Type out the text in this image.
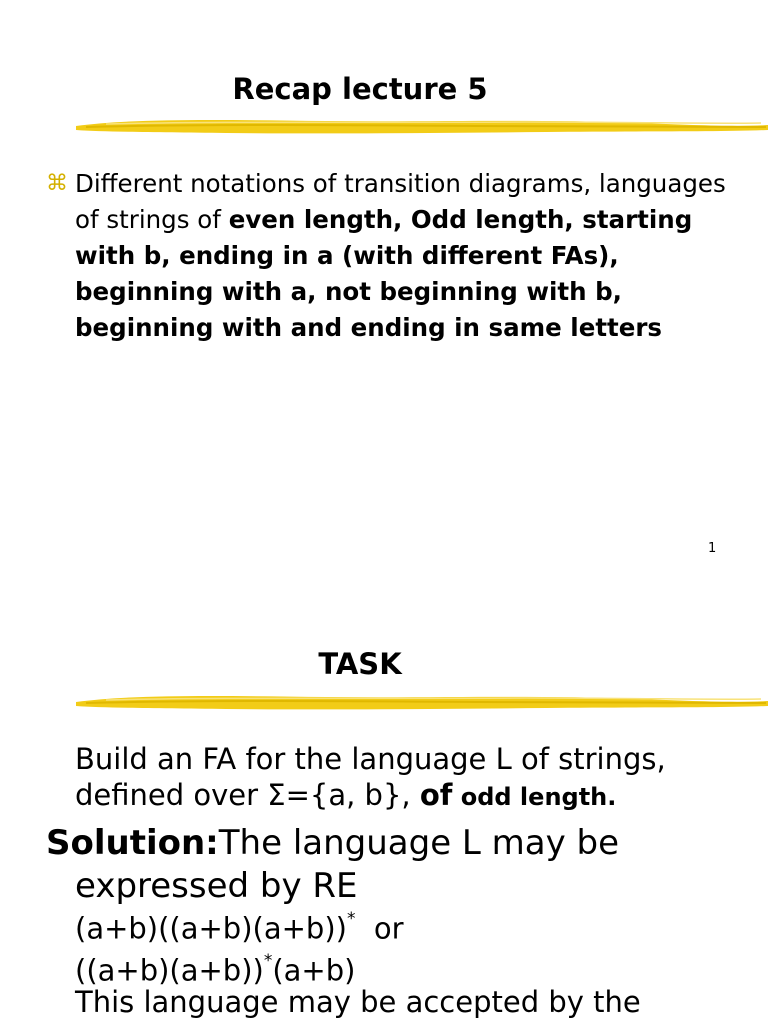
Recap lecture 5
⌘ Different notations of transition diagrams, languages of strings of even length, Odd length, starting with b, ending in a (with different FAs), beginning with a, not beginning with b, beginning with and ending in same letters
1
TASK
Build an FA for the language L of strings,
defined over Σ={a, b}, of odd length.
Solution:The language L may be
expressed by RE
(a+b)((a+b)(a+b))*  or
((a+b)(a+b))*(a+b)
This language may be accepted by the
